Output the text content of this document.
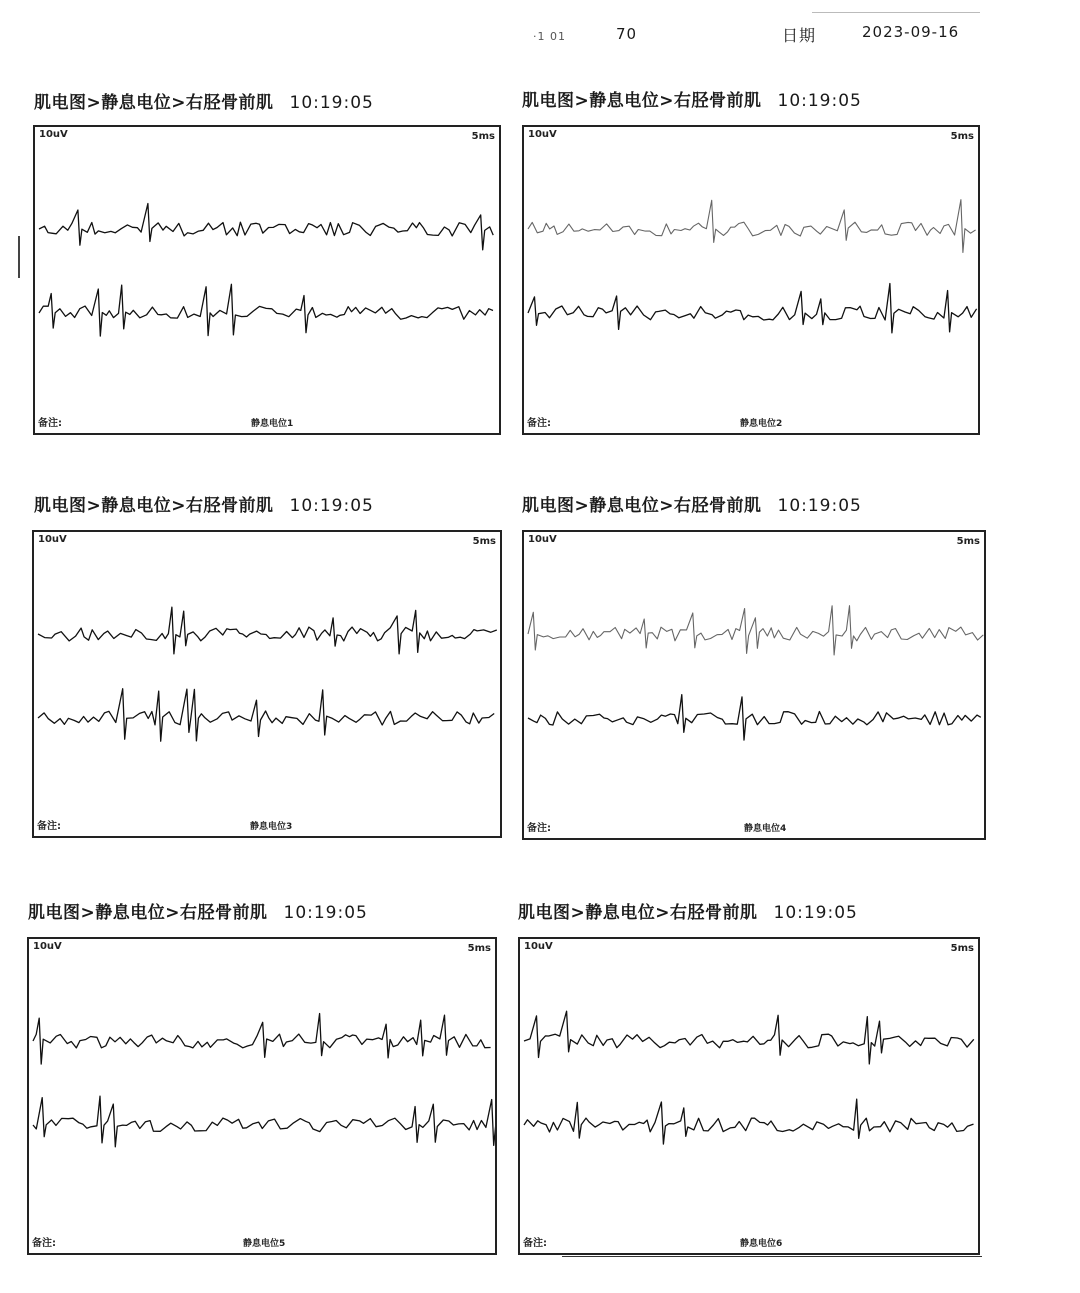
·1 01	70	日期	2023-09-16
肌电图>静息电位>右胫骨前肌 10:19:05
10uV	5ms
备注:	静息电位1
肌电图>静息电位>右胫骨前肌 10:19:05
10uV	5ms
备注:	静息电位2
肌电图>静息电位>右胫骨前肌 10:19:05
10uV	5ms
备注:	静息电位3
肌电图>静息电位>右胫骨前肌 10:19:05
10uV	5ms
备注:	静息电位4
肌电图>静息电位>右胫骨前肌 10:19:05
10uV	5ms
备注:	静息电位5
肌电图>静息电位>右胫骨前肌 10:19:05
10uV	5ms
备注:	静息电位6
